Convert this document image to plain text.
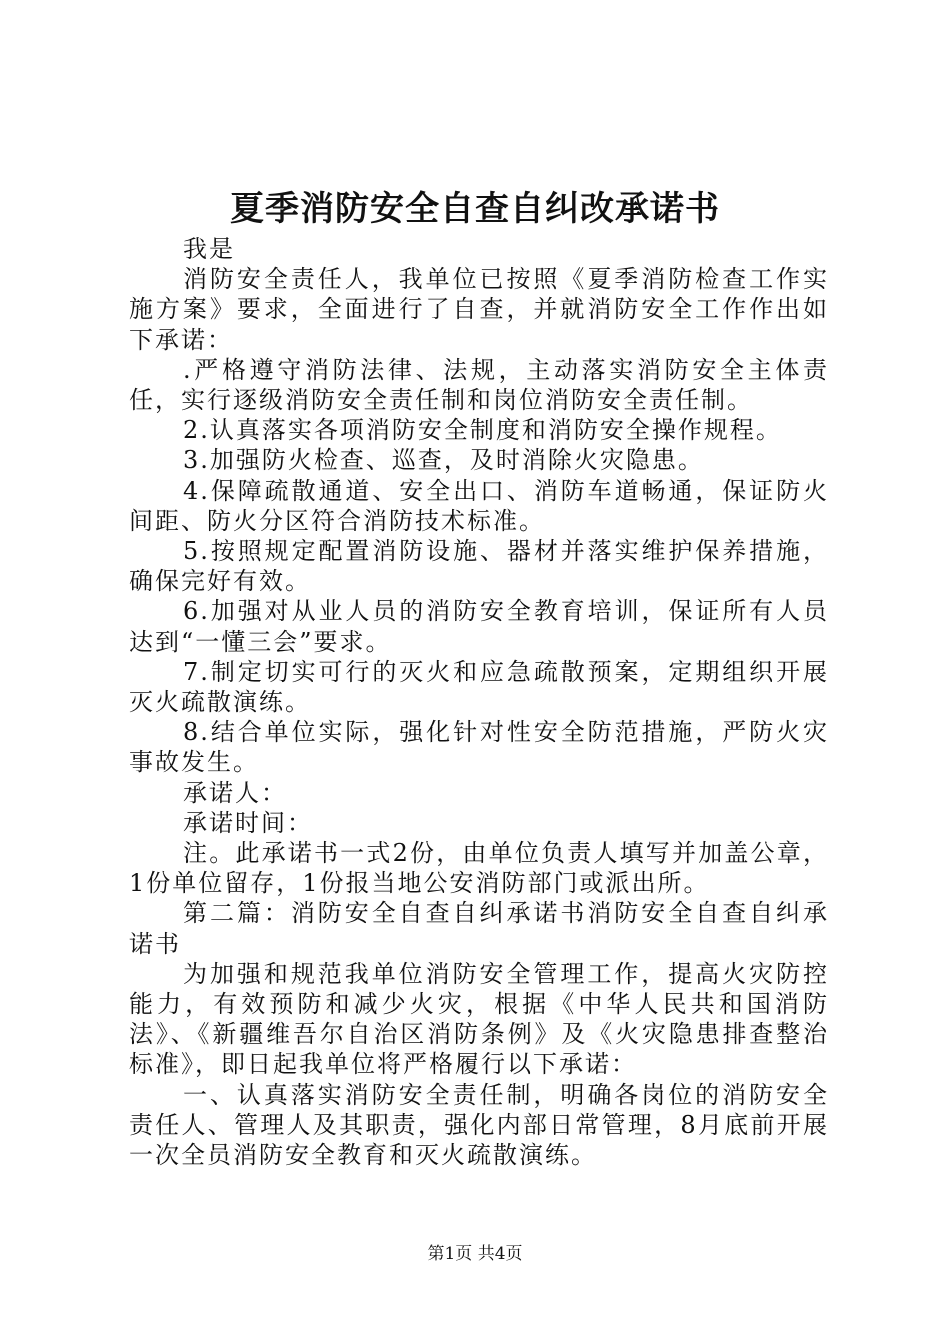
夏季消防安全自查自纠改承诺书

我是

消防安全责任人，我单位已按照《夏季消防检查工作实施方案》要求，全面进行了自查，并就消防安全工作作出如下承诺：

.严格遵守消防法律、法规，主动落实消防安全主体责任，实行逐级消防安全责任制和岗位消防安全责任制。

2.认真落实各项消防安全制度和消防安全操作规程。

3.加强防火检查、巡查，及时消除火灾隐患。

4.保障疏散通道、安全出口、消防车道畅通，保证防火间距、防火分区符合消防技术标准。

5.按照规定配置消防设施、器材并落实维护保养措施，确保完好有效。

6.加强对从业人员的消防安全教育培训，保证所有人员达到“一懂三会”要求。

7.制定切实可行的灭火和应急疏散预案，定期组织开展灭火疏散演练。

8.结合单位实际，强化针对性安全防范措施，严防火灾事故发生。

承诺人：

承诺时间：

注。此承诺书一式2份，由单位负责人填写并加盖公章，1份单位留存，1份报当地公安消防部门或派出所。

第二篇：消防安全自查自纠承诺书消防安全自查自纠承诺书

为加强和规范我单位消防安全管理工作，提高火灾防控能力，有效预防和减少火灾，根据《中华人民共和国消防法》、《新疆维吾尔自治区消防条例》及《火灾隐患排查整治标准》，即日起我单位将严格履行以下承诺：

一、认真落实消防安全责任制，明确各岗位的消防安全责任人、管理人及其职责，强化内部日常管理，8月底前开展一次全员消防安全教育和灭火疏散演练。

第1页 共4页
